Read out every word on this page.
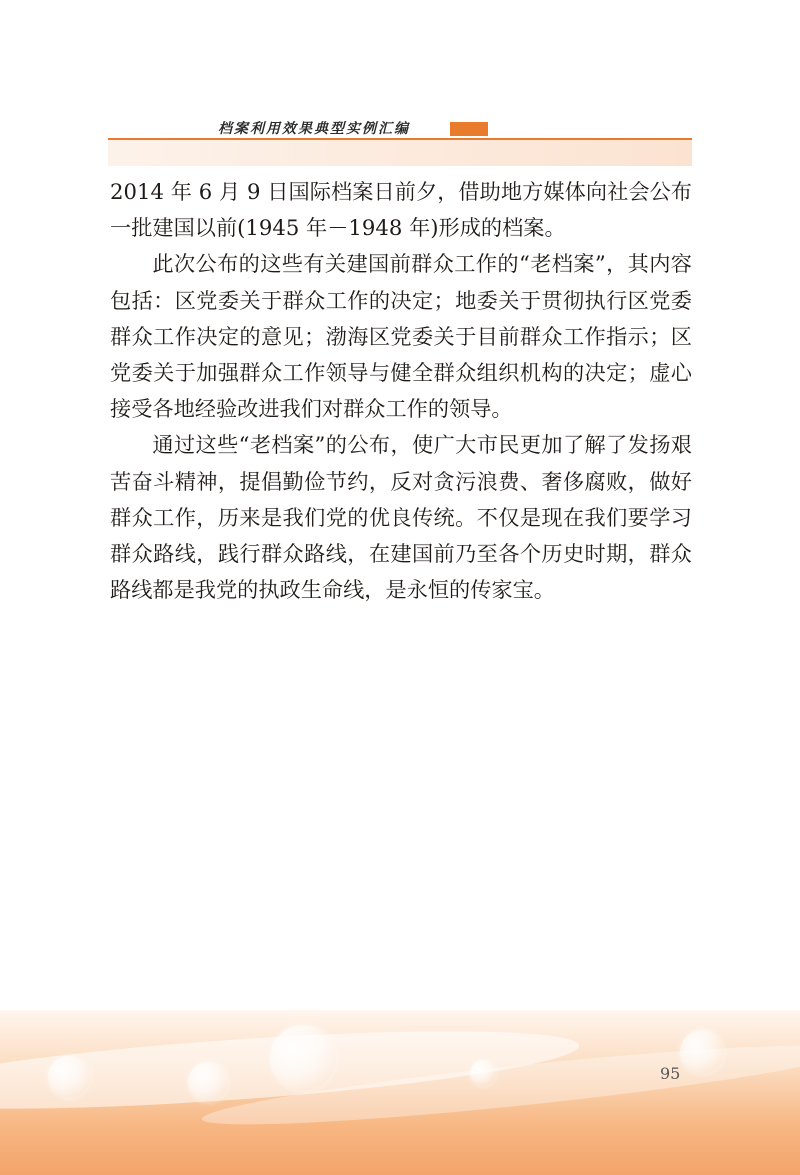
档案利用效果典型实例汇编

2014 年 6 月 9 日国际档案日前夕，借助地方媒体向社会公布一批建国以前(1945 年－1948 年)形成的档案。

此次公布的这些有关建国前群众工作的“老档案”，其内容包括：区党委关于群众工作的决定；地委关于贯彻执行区党委群众工作决定的意见；渤海区党委关于目前群众工作指示；区党委关于加强群众工作领导与健全群众组织机构的决定；虚心接受各地经验改进我们对群众工作的领导。

通过这些“老档案”的公布，使广大市民更加了解了发扬艰苦奋斗精神，提倡勤俭节约，反对贪污浪费、奢侈腐败，做好群众工作，历来是我们党的优良传统。不仅是现在我们要学习群众路线，践行群众路线，在建国前乃至各个历史时期，群众路线都是我党的执政生命线，是永恒的传家宝。

95
